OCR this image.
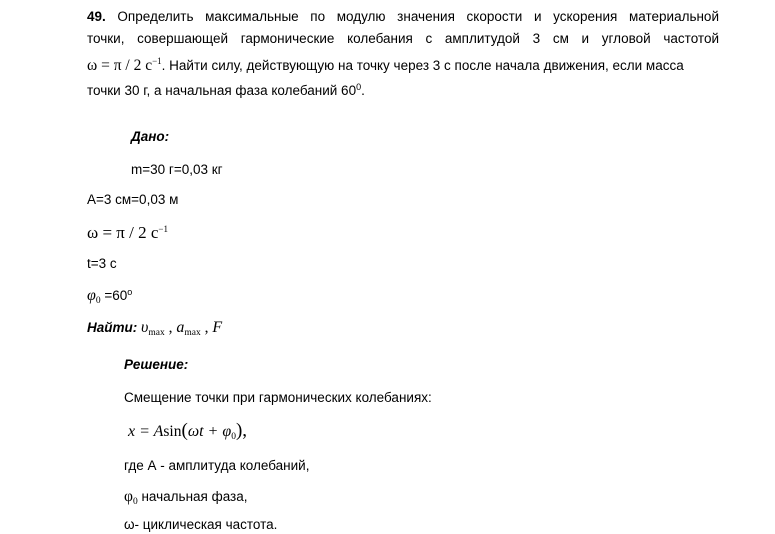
49. Определить максимальные по модулю значения скорости и ускорения материальной
точки, совершающей гармонические колебания с амплитудой 3 см и угловой частотой
ω = π / 2 $с^{-1}$. Найти силу, действующую на точку через 3 с после начала движения, если масса
точки 30 г, а начальная фаза колебаний $60^0$.
Дано:
m=30 г=0,03 кг
А=3 см=0,03 м
ω = π / 2 $с^{-1}$
t=3 с
$\varphi_0 =60^о$
Найти: $\upsilon_{max}$ , $a_{max}$ , F
Решение:
Смещение точки при гармонических колебаниях:
$x = Asin(\omega t + \varphi_0)$,
где А - амплитуда колебаний,
$\varphi_0$ начальная фаза,
ω- циклическая частота.
